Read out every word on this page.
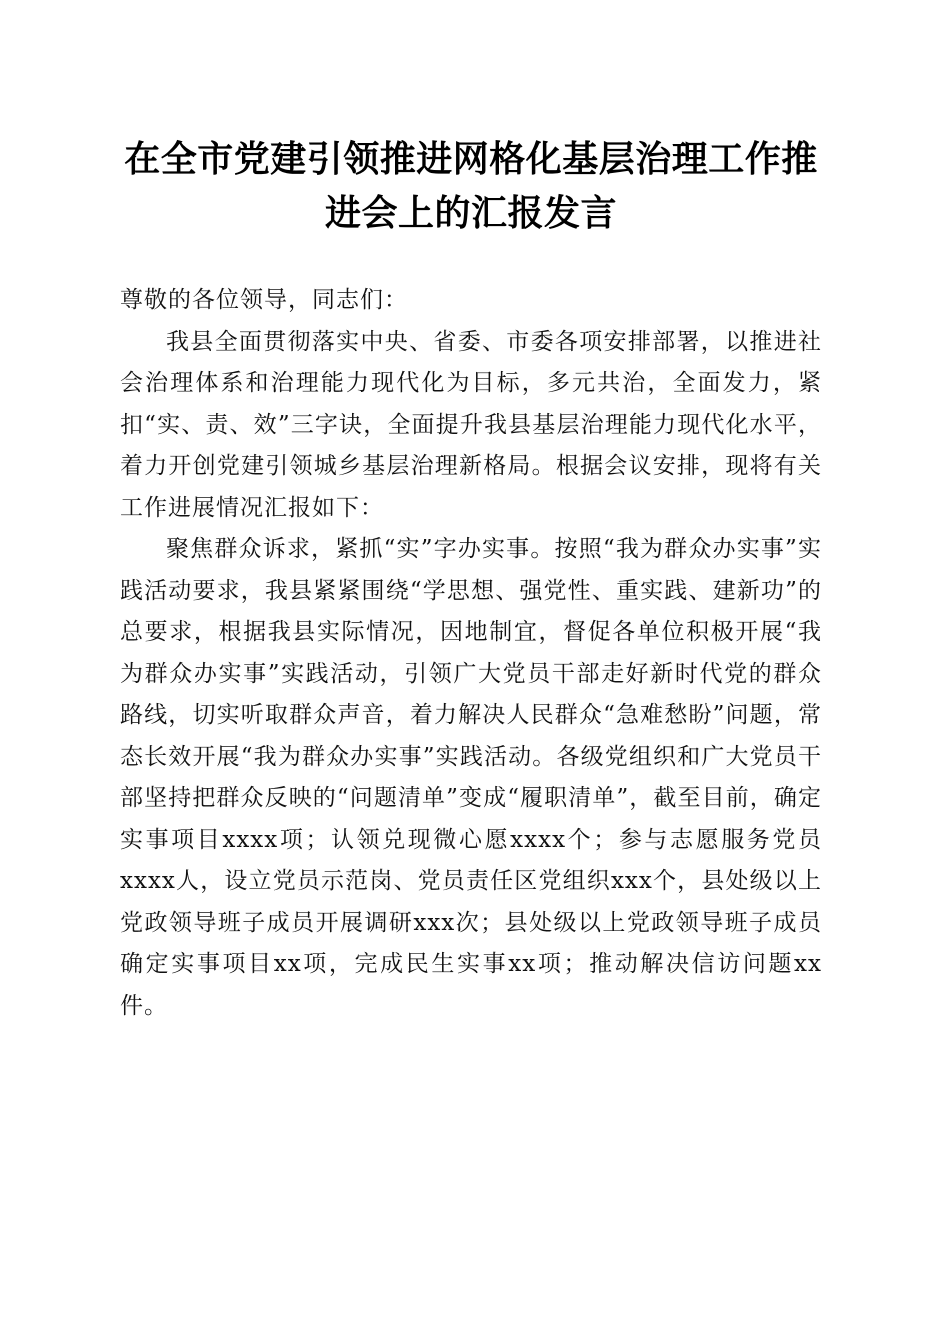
在全市党建引领推进网格化基层治理工作推进会上的汇报发言

尊敬的各位领导，同志们：

我县全面贯彻落实中央、省委、市委各项安排部署，以推进社会治理体系和治理能力现代化为目标，多元共治，全面发力，紧扣“实、责、效”三字诀，全面提升我县基层治理能力现代化水平，着力开创党建引领城乡基层治理新格局。根据会议安排，现将有关工作进展情况汇报如下：

聚焦群众诉求，紧抓“实”字办实事。按照“我为群众办实事”实践活动要求，我县紧紧围绕“学思想、强党性、重实践、建新功”的总要求，根据我县实际情况，因地制宜，督促各单位积极开展“我为群众办实事”实践活动，引领广大党员干部走好新时代党的群众路线，切实听取群众声音，着力解决人民群众“急难愁盼”问题，常态长效开展“我为群众办实事”实践活动。各级党组织和广大党员干部坚持把群众反映的“问题清单”变成“履职清单”，截至目前，确定实事项目xxxx项；认领兑现微心愿xxxx个；参与志愿服务党员xxxx人，设立党员示范岗、党员责任区党组织xxx个，县处级以上党政领导班子成员开展调研xxx次；县处级以上党政领导班子成员确定实事项目xx项，完成民生实事xx项；推动解决信访问题xx件。
